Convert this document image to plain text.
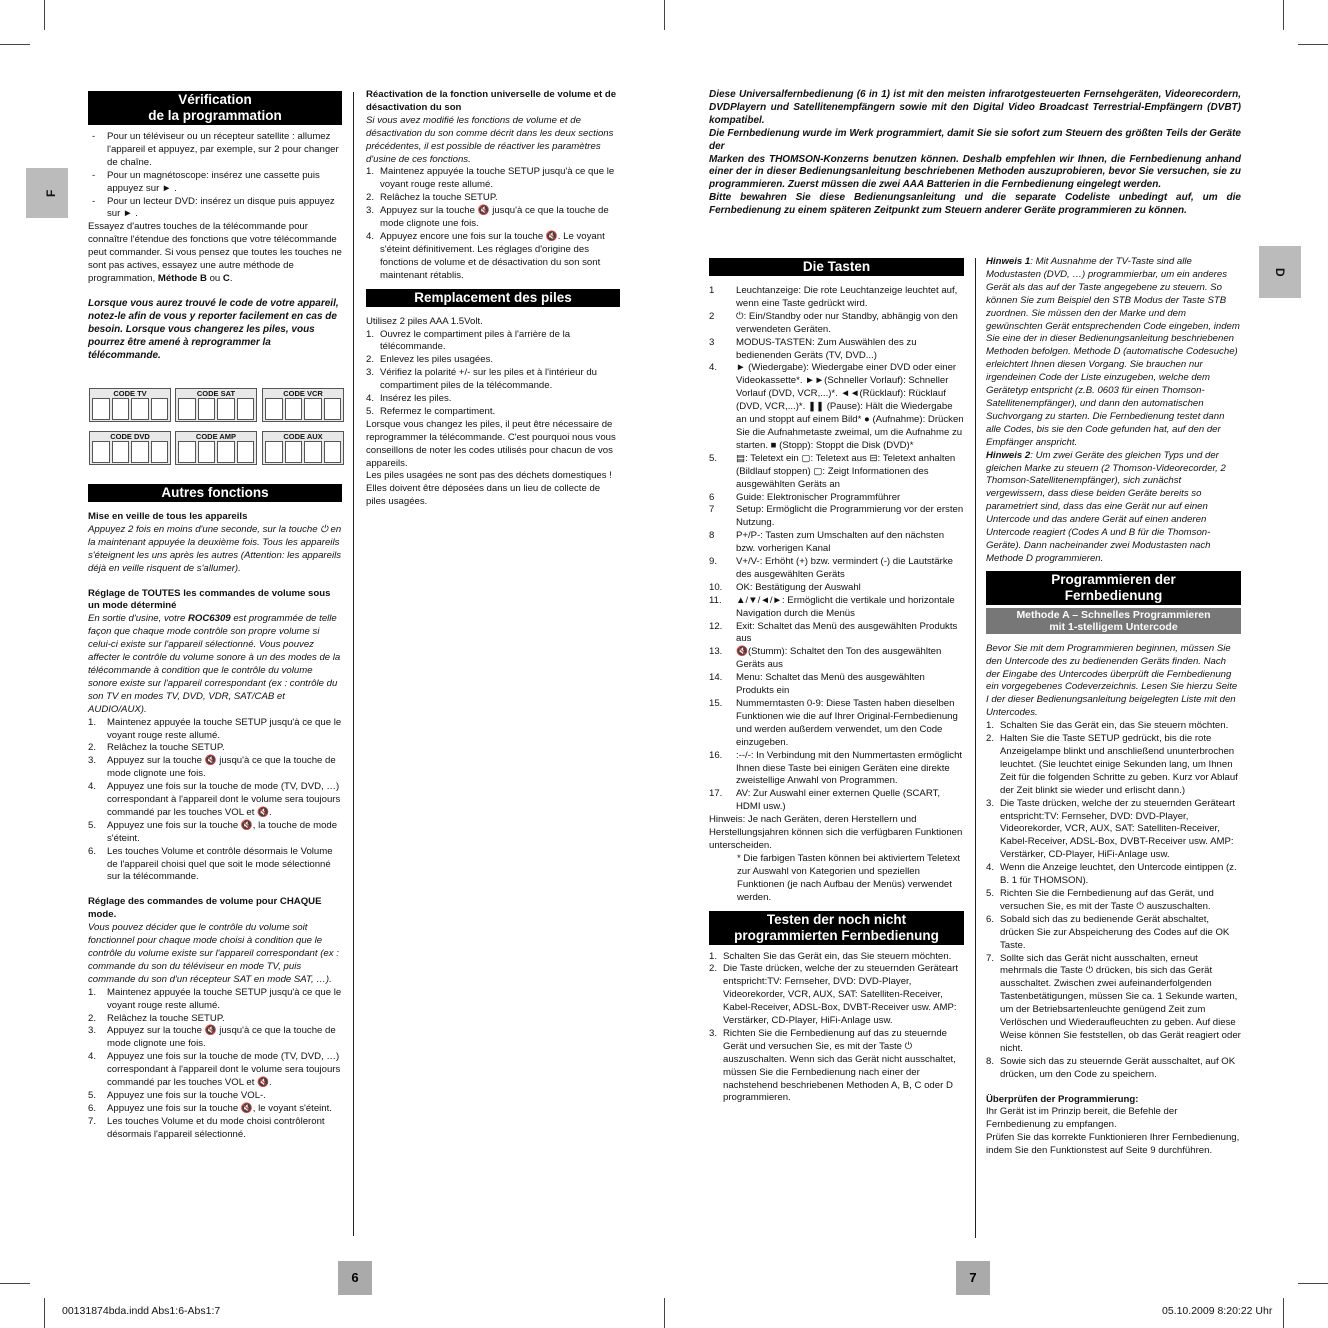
F
D
Vérification
de la programmation
-	Pour un téléviseur ou un récepteur satellite : allumez l'appareil et appuyez, par exemple, sur 2 pour changer de chaîne.
-	Pour un magnétoscope: insérez une cassette puis appuyez sur ► .
-	Pour un lecteur DVD: insérez un disque puis appuyez sur ► .

Essayez d'autres touches de la télécommande pour connaître l'étendue des fonctions que votre télécommande peut commander. Si vous pensez que toutes les touches ne sont pas actives, essayez une autre méthode de programmation, Méthode B ou C.

Lorsque vous aurez trouvé le code de votre appareil, notez-le afin de vous y reporter facilement en cas de besoin. Lorsque vous changerez les piles, vous pourrez être amené à reprogrammer la télécommande.

CODE TV	CODE SAT	CODE VCR
CODE DVD	CODE AMP	CODE AUX
Autres fonctions

Mise en veille de tous les appareils

Appuyez 2 fois en moins d'une seconde, sur la touche ⏻ en la maintenant appuyée la deuxième fois. Tous les appareils s'éteignent les uns après les autres (Attention: les appareils déjà en veille risquent de s'allumer).

Réglage de TOUTES les commandes de volume sous un mode déterminé

En sortie d'usine, votre ROC6309 est programmée de telle façon que chaque mode contrôle son propre volume si celui-ci existe sur l'appareil sélectionné. Vous pouvez affecter le contrôle du volume sonore à un des modes de la télécommande à condition que le contrôle du volume sonore existe sur l'appareil correspondant (ex : contrôle du son TV en modes TV, DVD, VDR, SAT/CAB et AUDIO/AUX).

1.	Maintenez appuyée la touche SETUP jusqu'à ce que le voyant rouge reste allumé.
2.	Relâchez la touche SETUP.
3.	Appuyez sur la touche 🔇 jusqu'à ce que la touche de mode clignote une fois.
4.	Appuyez une fois sur la touche de mode (TV, DVD, …) correspondant à l'appareil dont le volume sera toujours commandé par les touches VOL et 🔇.
5.	Appuyez une fois sur la touche 🔇, la touche de mode s'éteint.
6.	Les touches Volume et contrôle désormais le Volume de l'appareil choisi quel que soit le mode sélectionné sur la télécommande.

Réglage des commandes de volume pour CHAQUE mode.

Vous pouvez décider que le contrôle du volume soit fonctionnel pour chaque mode choisi à condition que le contrôle du volume existe sur l'appareil correspondant (ex : commande du son du téléviseur en mode TV, puis commande du son d'un récepteur SAT en mode SAT, …).

1.	Maintenez appuyée la touche SETUP jusqu'à ce que le voyant rouge reste allumé.
2.	Relâchez la touche SETUP.
3.	Appuyez sur la touche 🔇 jusqu'à ce que la touche de mode clignote une fois.
4.	Appuyez une fois sur la touche de mode (TV, DVD, …) correspondant à l'appareil dont le volume sera toujours commandé par les touches VOL et 🔇.
5.	Appuyez une fois sur la touche VOL-.
6.	Appuyez une fois sur la touche 🔇, le voyant s'éteint.
7.	Les touches Volume et du mode choisi contrôleront désormais l'appareil sélectionné.

Réactivation de la fonction universelle de volume et de désactivation du son

Si vous avez modifié les fonctions de volume et de désactivation du son comme décrit dans les deux sections précédentes, il est possible de réactiver les paramètres d'usine de ces fonctions.

1. Maintenez appuyée la touche SETUP jusqu'à ce que le voyant rouge reste allumé.
2. Relâchez la touche SETUP.
3. Appuyez sur la touche 🔇 jusqu'à ce que la touche de mode clignote une fois.
4. Appuyez encore une fois sur la touche 🔇. Le voyant s'éteint définitivement. Les réglages d'origine des fonctions de volume et de désactivation du son sont maintenant rétablis.
Remplacement des piles

Utilisez 2 piles AAA 1.5Volt.

1. Ouvrez le compartiment piles à l'arrière de la télécommande.
2. Enlevez les piles usagées.
3. Vérifiez la polarité +/- sur les piles et à l'intérieur du compartiment piles de la télécommande.
4. Insérez les piles.
5. Refermez le compartiment.

Lorsque vous changez les piles, il peut être nécessaire de reprogrammer la télécommande. C'est pourquoi nous vous conseillons de noter les codes utilisés pour chacun de vos appareils.

Les piles usagées ne sont pas des déchets domestiques ! Elles doivent être déposées dans un lieu de collecte de piles usagées.

Diese Universalfernbedienung (6 in 1) ist mit den meisten infrarotgesteuerten Fernsehgeräten, Videorecordern, DVDPlayern und Satellitenempfängern sowie mit den Digital Video Broadcast Terrestrial-Empfängern (DVBT) kompatibel.

Die Fernbedienung wurde im Werk programmiert, damit Sie sie sofort zum Steuern des größten Teils der Geräte der

Marken des THOMSON-Konzerns benutzen können. Deshalb empfehlen wir Ihnen, die Fernbedienung anhand einer der in dieser Bedienungsanleitung beschriebenen Methoden auszuprobieren, bevor Sie versuchen, sie zu programmieren. Zuerst müssen die zwei AAA Batterien in die Fernbedienung eingelegt werden.

Bitte bewahren Sie diese Bedienungsanleitung und die separate Codeliste unbedingt auf, um die Fernbedienung zu einem späteren Zeitpunkt zum Steuern anderer Geräte programmieren zu können.

Die Tasten
1	Leuchtanzeige: Die rote Leuchtanzeige leuchtet auf, wenn eine Taste gedrückt wird.
2	⏻: Ein/Standby oder nur Standby, abhängig von den verwendeten Geräten.
3	MODUS-TASTEN: Zum Auswählen des zu bedienenden Geräts (TV, DVD...)
4.	► (Wiedergabe): Wiedergabe einer DVD oder einer Videokassette*. ►►(Schneller Vorlauf): Schneller Vorlauf (DVD, VCR,...)*. ◄◄(Rücklauf): Rücklauf (DVD, VCR,...)*. ❚❚ (Pause): Hält die Wiedergabe an und stoppt auf einem Bild* ● (Aufnahme): Drücken Sie die Aufnahmetaste zweimal, um die Aufnahme zu starten. ■ (Stopp): Stoppt die Disk (DVD)*
5.	▤: Teletext ein ▢: Teletext aus ⊟: Teletext anhalten (Bildlauf stoppen) ▢: Zeigt Informationen des ausgewählten Geräts an
6	Guide: Elektronischer Programmführer
7	Setup: Ermöglicht die Programmierung vor der ersten Nutzung.
8	P+/P-: Tasten zum Umschalten auf den nächsten bzw. vorherigen Kanal
9.	V+/V-: Erhöht (+) bzw. vermindert (-) die Lautstärke des ausgewählten Geräts
10.	OK: Bestätigung der Auswahl
11.	▲/▼/◄/►: Ermöglicht die vertikale und horizontale Navigation durch die Menüs
12.	Exit: Schaltet das Menü des ausgewählten Produkts aus
13.	🔇(Stumm): Schaltet den Ton des ausgewählten Geräts aus
14.	Menu: Schaltet das Menü des ausgewählten Produkts ein
15.	Nummerntasten 0-9: Diese Tasten haben dieselben Funktionen wie die auf Ihrer Original-Fernbedienung und werden außerdem verwendet, um den Code einzugeben.
16.	:--/-: In Verbindung mit den Nummertasten ermöglicht Ihnen diese Taste bei einigen Geräten eine direkte zweistellige Anwahl von Programmen.
17.	AV: Zur Auswahl einer externen Quelle (SCART, HDMI usw.)

Hinweis: Je nach Geräten, deren Herstellern und Herstellungsjahren können sich die verfügbaren Funktionen unterscheiden.

* Die farbigen Tasten können bei aktiviertem Teletext zur Auswahl von Kategorien und speziellen Funktionen (je nach Aufbau der Menüs) verwendet werden.

Testen der noch nicht
programmierten Fernbedienung
1. Schalten Sie das Gerät ein, das Sie steuern möchten.
2. Die Taste drücken, welche der zu steuernden Geräteart entspricht:TV: Fernseher, DVD: DVD-Player, Videorekorder, VCR, AUX, SAT: Satelliten-Receiver, Kabel-Receiver, ADSL-Box, DVBT-Receiver usw. AMP: Verstärker, CD-Player, HiFi-Anlage usw.
3. Richten Sie die Fernbedienung auf das zu steuernde Gerät und versuchen Sie, es mit der Taste ⏻ auszuschalten. Wenn sich das Gerät nicht ausschaltet, müssen Sie die Fernbedienung nach einer der nachstehend beschriebenen Methoden A, B, C oder D programmieren.

Hinweis 1: Mit Ausnahme der TV-Taste sind alle Modustasten (DVD, …) programmierbar, um ein anderes Gerät als das auf der Taste angegebene zu steuern. So können Sie zum Beispiel den STB Modus der Taste STB zuordnen. Sie müssen den der Marke und dem gewünschten Gerät entsprechenden Code eingeben, indem Sie eine der in dieser Bedienungsanleitung beschriebenen Methoden befolgen. Methode D (automatische Codesuche) erleichtert Ihnen diesen Vorgang. Sie brauchen nur irgendeinen Code der Liste einzugeben, welche dem Gerätetyp entspricht (z.B. 0603 für einen Thomson-Satellitenempfänger), und dann den automatischen Suchvorgang zu starten. Die Fernbedienung testet dann alle Codes, bis sie den Code gefunden hat, auf den der Empfänger anspricht.

Hinweis 2: Um zwei Geräte des gleichen Typs und der gleichen Marke zu steuern (2 Thomson-Videorecorder, 2 Thomson-Satellitenempfänger), sich zunächst vergewissern, dass diese beiden Geräte bereits so parametriert sind, dass das eine Gerät nur auf einen Untercode und das andere Gerät auf einen anderen Untercode reagiert (Codes A und B für die Thomson-Geräte). Dann nacheinander zwei Modustasten nach Methode D programmieren.

Programmieren der
Fernbedienung
Methode A – Schnelles Programmieren
mit 1-stelligem Untercode

Bevor Sie mit dem Programmieren beginnen, müssen Sie den Untercode des zu bedienenden Geräts finden. Nach der Eingabe des Untercodes überprüft die Fernbedienung ein vorgegebenes Codeverzeichnis. Lesen Sie hierzu Seite I der dieser Bedienungsanleitung beigelegten Liste mit den Untercodes.

1. Schalten Sie das Gerät ein, das Sie steuern möchten.
2. Halten Sie die Taste SETUP gedrückt, bis die rote Anzeigelampe blinkt und anschließend ununterbrochen leuchtet. (Sie leuchtet einige Sekunden lang, um Ihnen Zeit für die folgenden Schritte zu geben. Kurz vor Ablauf der Zeit blinkt sie wieder und erlischt dann.)
3. Die Taste drücken, welche der zu steuernden Geräteart entspricht:TV: Fernseher, DVD: DVD-Player, Videorekorder, VCR, AUX, SAT: Satelliten-Receiver, Kabel-Receiver, ADSL-Box, DVBT-Receiver usw. AMP: Verstärker, CD-Player, HiFi-Anlage usw.
4. Wenn die Anzeige leuchtet, den Untercode eintippen (z. B. 1 für THOMSON).
5. Richten Sie die Fernbedienung auf das Gerät, und versuchen Sie, es mit der Taste ⏻ auszuschalten.
6. Sobald sich das zu bedienende Gerät abschaltet, drücken Sie zur Abspeicherung des Codes auf die OK Taste.
7. Sollte sich das Gerät nicht ausschalten, erneut mehrmals die Taste ⏻ drücken, bis sich das Gerät ausschaltet. Zwischen zwei aufeinanderfolgenden Tastenbetätigungen, müssen Sie ca. 1 Sekunde warten, um der Betriebsartenleuchte genügend Zeit zum Verlöschen und Wiederaufleuchten zu geben. Auf diese Weise können Sie feststellen, ob das Gerät reagiert oder nicht.
8. Sowie sich das zu steuernde Gerät ausschaltet, auf OK drücken, um den Code zu speichern.

Überprüfen der Programmierung:

Ihr Gerät ist im Prinzip bereit, die Befehle der Fernbedienung zu empfangen.

Prüfen Sie das korrekte Funktionieren Ihrer Fernbedienung, indem Sie den Funktionstest auf Seite 9 durchführen.

6	7
00131874bda.indd Abs1:6-Abs1:7	05.10.2009 8:20:22 Uhr
